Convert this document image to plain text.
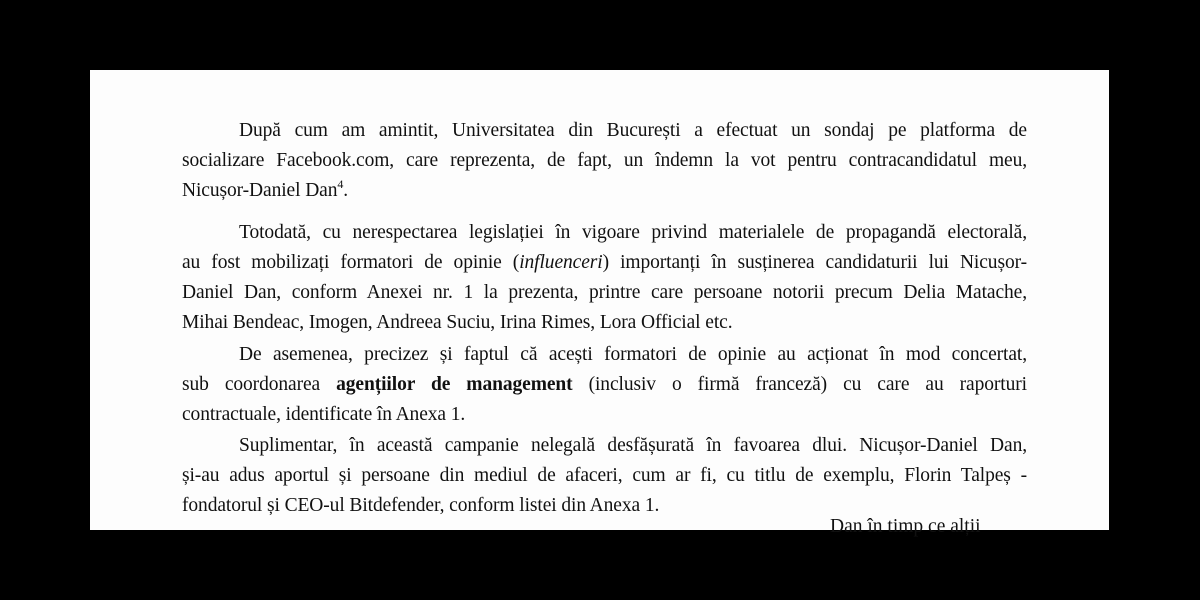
După cum am amintit, Universitatea din București a efectuat un sondaj pe platforma de
socializare Facebook.com, care reprezenta, de fapt, un îndemn la vot pentru contracandidatul meu,
Nicușor-Daniel Dan$^4$.
Totodată, cu nerespectarea legislației în vigoare privind materialele de propagandă electorală,
au fost mobilizați formatori de opinie (influenceri) importanți în susținerea candidaturii lui Nicușor-
Daniel Dan, conform Anexei nr. 1 la prezenta, printre care persoane notorii precum Delia Matache,
Mihai Bendeac, Imogen, Andreea Suciu, Irina Rimes, Lora Official etc.
De asemenea, precizez și faptul că acești formatori de opinie au acționat în mod concertat,
sub coordonarea agențiilor de management (inclusiv o firmă franceză) cu care au raporturi
contractuale, identificate în Anexa 1.
Suplimentar, în această campanie nelegală desfășurată în favoarea dlui. Nicușor-Daniel Dan,
și-au adus aportul și persoane din mediul de afaceri, cum ar fi, cu titlu de exemplu, Florin Talpeș -
fondatorul și CEO-ul Bitdefender, conform listei din Anexa 1.
Dan în timp ce alții
